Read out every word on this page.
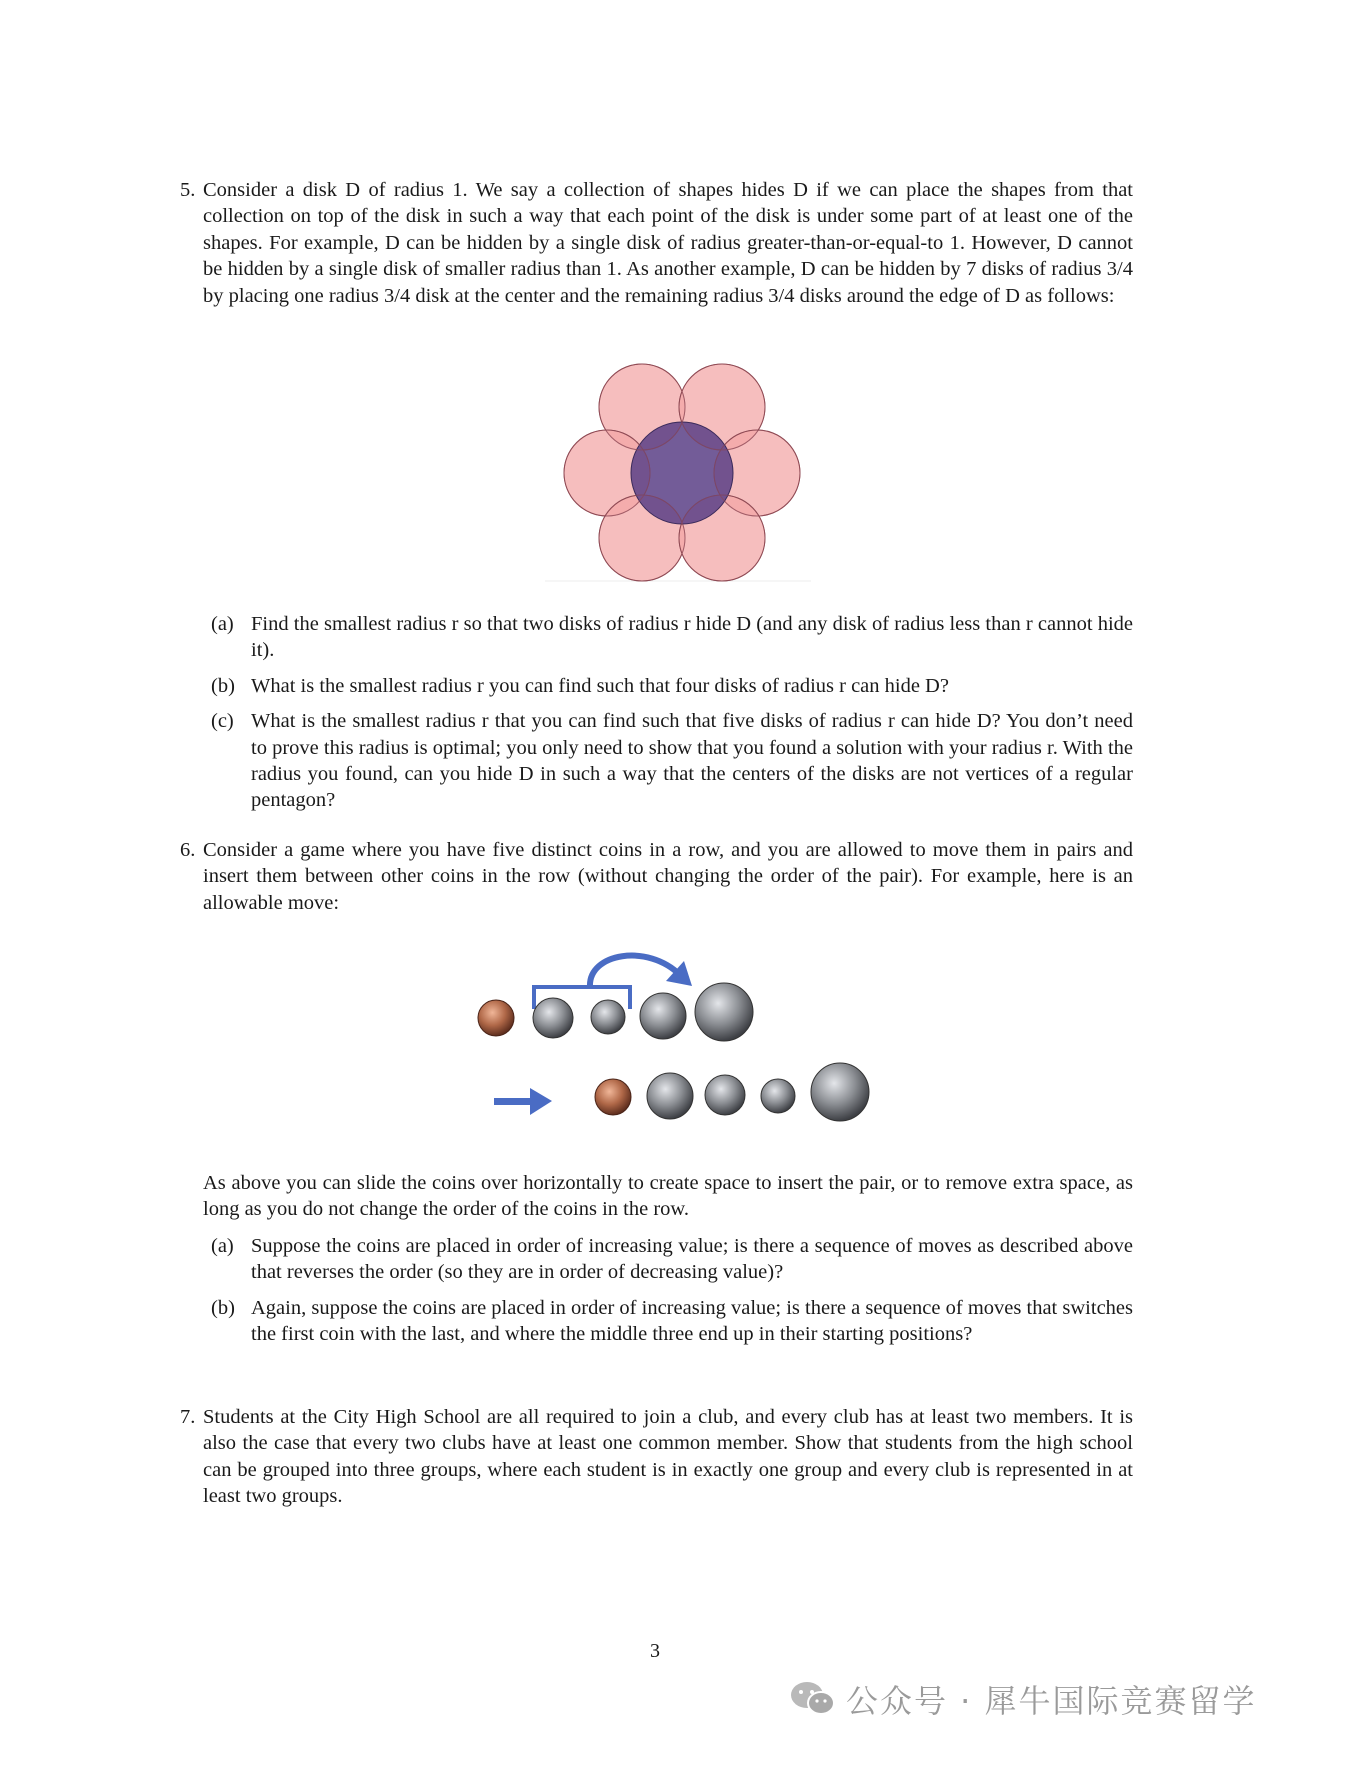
5. Consider a disk D of radius 1. We say a collection of shapes hides D if we can place the shapes from that collection on top of the disk in such a way that each point of the disk is under some part of at least one of the shapes. For example, D can be hidden by a single disk of radius greater-than-or-equal-to 1. However, D cannot be hidden by a single disk of smaller radius than 1. As another example, D can be hidden by 7 disks of radius 3/4 by placing one radius 3/4 disk at the center and the remaining radius 3/4 disks around the edge of D as follows:

(a) Find the smallest radius r so that two disks of radius r hide D (and any disk of radius less than r cannot hide it).

(b) What is the smallest radius r you can find such that four disks of radius r can hide D?

(c) What is the smallest radius r that you can find such that five disks of radius r can hide D? You don’t need to prove this radius is optimal; you only need to show that you found a solution with your radius r. With the radius you found, can you hide D in such a way that the centers of the disks are not vertices of a regular pentagon?

6. Consider a game where you have five distinct coins in a row, and you are allowed to move them in pairs and insert them between other coins in the row (without changing the order of the pair). For example, here is an allowable move:

As above you can slide the coins over horizontally to create space to insert the pair, or to remove extra space, as long as you do not change the order of the coins in the row.

(a) Suppose the coins are placed in order of increasing value; is there a sequence of moves as described above that reverses the order (so they are in order of decreasing value)?

(b) Again, suppose the coins are placed in order of increasing value; is there a sequence of moves that switches the first coin with the last, and where the middle three end up in their starting positions?

7. Students at the City High School are all required to join a club, and every club has at least two members. It is also the case that every two clubs have at least one common member. Show that students from the high school can be grouped into three groups, where each student is in exactly one group and every club is represented in at least two groups.

3
公众号 · 犀牛国际竞赛留学
